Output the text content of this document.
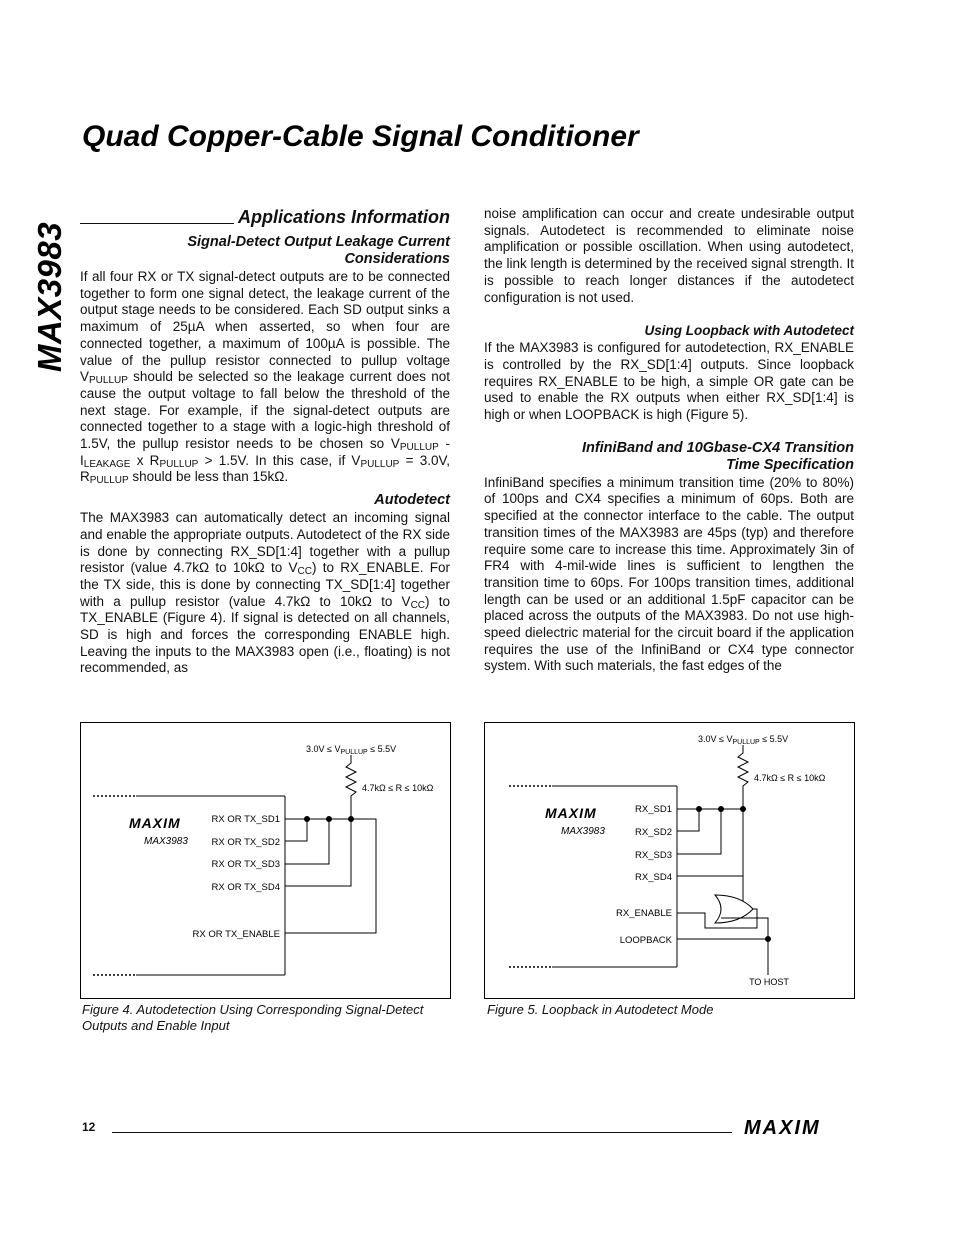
MAX3983
Quad Copper-Cable Signal Conditioner
Applications Information
Signal-Detect Output Leakage Current
Considerations

If all four RX or TX signal-detect outputs are to be connected together to form one signal detect, the leakage current of the output stage needs to be considered. Each SD output sinks a maximum of 25µA when asserted, so when four are connected together, a maximum of 100µA is possible. The value of the pullup resistor connected to pullup voltage $V_{PULLUP}$ should be selected so the leakage current does not cause the output voltage to fall below the threshold of the next stage. For example, if the signal-detect outputs are connected together to a stage with a logic-high threshold of 1.5V, the pullup resistor needs to be chosen so $V_{PULLUP} - I_{LEAKAGE}$ x $R_{PULLUP} > 1.5V$. In this case, if $V_{PULLUP} = 3.0V$, $R_{PULLUP}$ should be less than 15kΩ.

Autodetect

The MAX3983 can automatically detect an incoming signal and enable the appropriate outputs. Autodetect of the RX side is done by connecting RX_SD[1:4] together with a pullup resistor (value 4.7kΩ to 10kΩ to $V_{CC}$) to RX_ENABLE. For the TX side, this is done by connecting TX_SD[1:4] together with a pullup resistor (value 4.7kΩ to 10kΩ to $V_{CC}$) to TX_ENABLE (Figure 4). If signal is detected on all channels, SD is high and forces the corresponding ENABLE high. Leaving the inputs to the MAX3983 open (i.e., floating) is not recommended, as

noise amplification can occur and create undesirable output signals. Autodetect is recommended to eliminate noise amplification or possible oscillation. When using autodetect, the link length is determined by the received signal strength. It is possible to reach longer distances if the autodetect configuration is not used.

Using Loopback with Autodetect

If the MAX3983 is configured for autodetection, RX_ENABLE is controlled by the RX_SD[1:4] outputs. Since loopback requires RX_ENABLE to be high, a simple OR gate can be used to enable the RX outputs when either RX_SD[1:4] is high or when LOOPBACK is high (Figure 5).

InfiniBand and 10Gbase-CX4 Transition
Time Specification

InfiniBand specifies a minimum transition time (20% to 80%) of 100ps and CX4 specifies a minimum of 60ps. Both are specified at the connector interface to the cable. The output transition times of the MAX3983 are 45ps (typ) and therefore require some care to increase this time. Approximately 3in of FR4 with 4-mil-wide lines is sufficient to lengthen the transition time to 60ps. For 100ps transition times, additional length can be used or an additional 1.5pF capacitor can be placed across the outputs of the MAX3983. Do not use high-speed dielectric material for the circuit board if the application requires the use of the InfiniBand or CX4 type connector system. With such materials, the fast edges of the

MAXIM
MAX3983
RX OR TX_SD1
RX OR TX_SD2
RX OR TX_SD3
RX OR TX_SD4
RX OR TX_ENABLE
4.7kΩ ≤ R ≤ 10kΩ
$3.0V \le V_{PULLUP} \le 5.5V$
MAXIM
MAX3983
RX_SD1
RX_SD2
RX_SD3
RX_SD4
RX_ENABLE
LOOPBACK
TO HOST
4.7kΩ ≤ R ≤ 10kΩ
$3.0V \le V_{PULLUP} \le 5.5V$
Figure 4. Autodetection Using Corresponding Signal-Detect
Outputs and Enable Input
Figure 5. Loopback in Autodetect Mode
12	MAXIM
